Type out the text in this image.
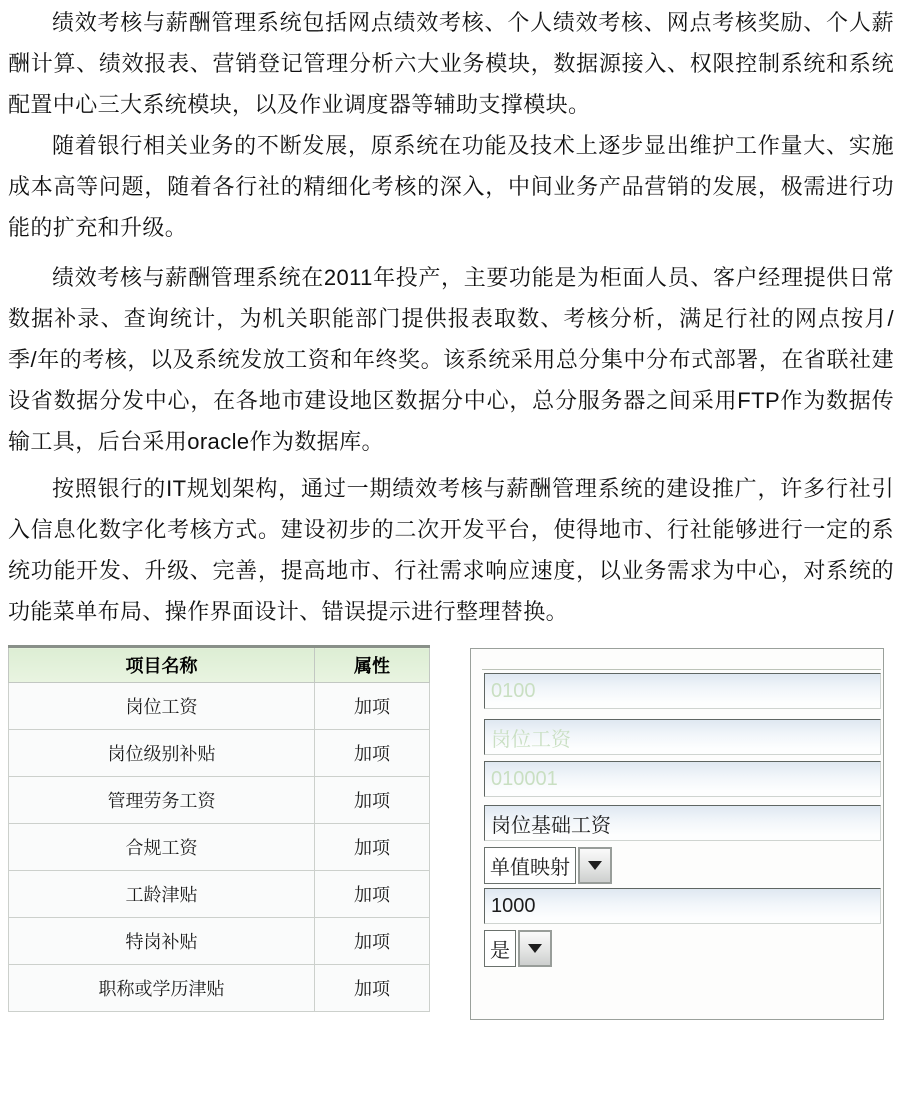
绩效考核与薪酬管理系统包括网点绩效考核、个人绩效考核、网点考核奖励、个人薪酬计算、绩效报表、营销登记管理分析六大业务模块，数据源接入、权限控制系统和系统配置中心三大系统模块，以及作业调度器等辅助支撑模块。

随着银行相关业务的不断发展，原系统在功能及技术上逐步显出维护工作量大、实施成本高等问题，随着各行社的精细化考核的深入，中间业务产品营销的发展，极需进行功能的扩充和升级。

绩效考核与薪酬管理系统在2011年投产，主要功能是为柜面人员、客户经理提供日常数据补录、查询统计，为机关职能部门提供报表取数、考核分析，满足行社的网点按月/季/年的考核，以及系统发放工资和年终奖。该系统采用总分集中分布式部署，在省联社建设省数据分发中心，在各地市建设地区数据分中心，总分服务器之间采用FTP作为数据传输工具，后台采用oracle作为数据库。

按照银行的IT规划架构，通过一期绩效考核与薪酬管理系统的建设推广，许多行社引入信息化数字化考核方式。建设初步的二次开发平台，使得地市、行社能够进行一定的系统功能开发、升级、完善，提高地市、行社需求响应速度，以业务需求为中心，对系统的功能菜单布局、操作界面设计、错误提示进行整理替换。

项目名称	属性
岗位工资	加项
岗位级别补贴	加项
管理劳务工资	加项
合规工资	加项
工龄津贴	加项
特岗补贴	加项
职称或学历津贴	加项
0100
岗位工资
010001
岗位基础工资
单值映射
1000
是
